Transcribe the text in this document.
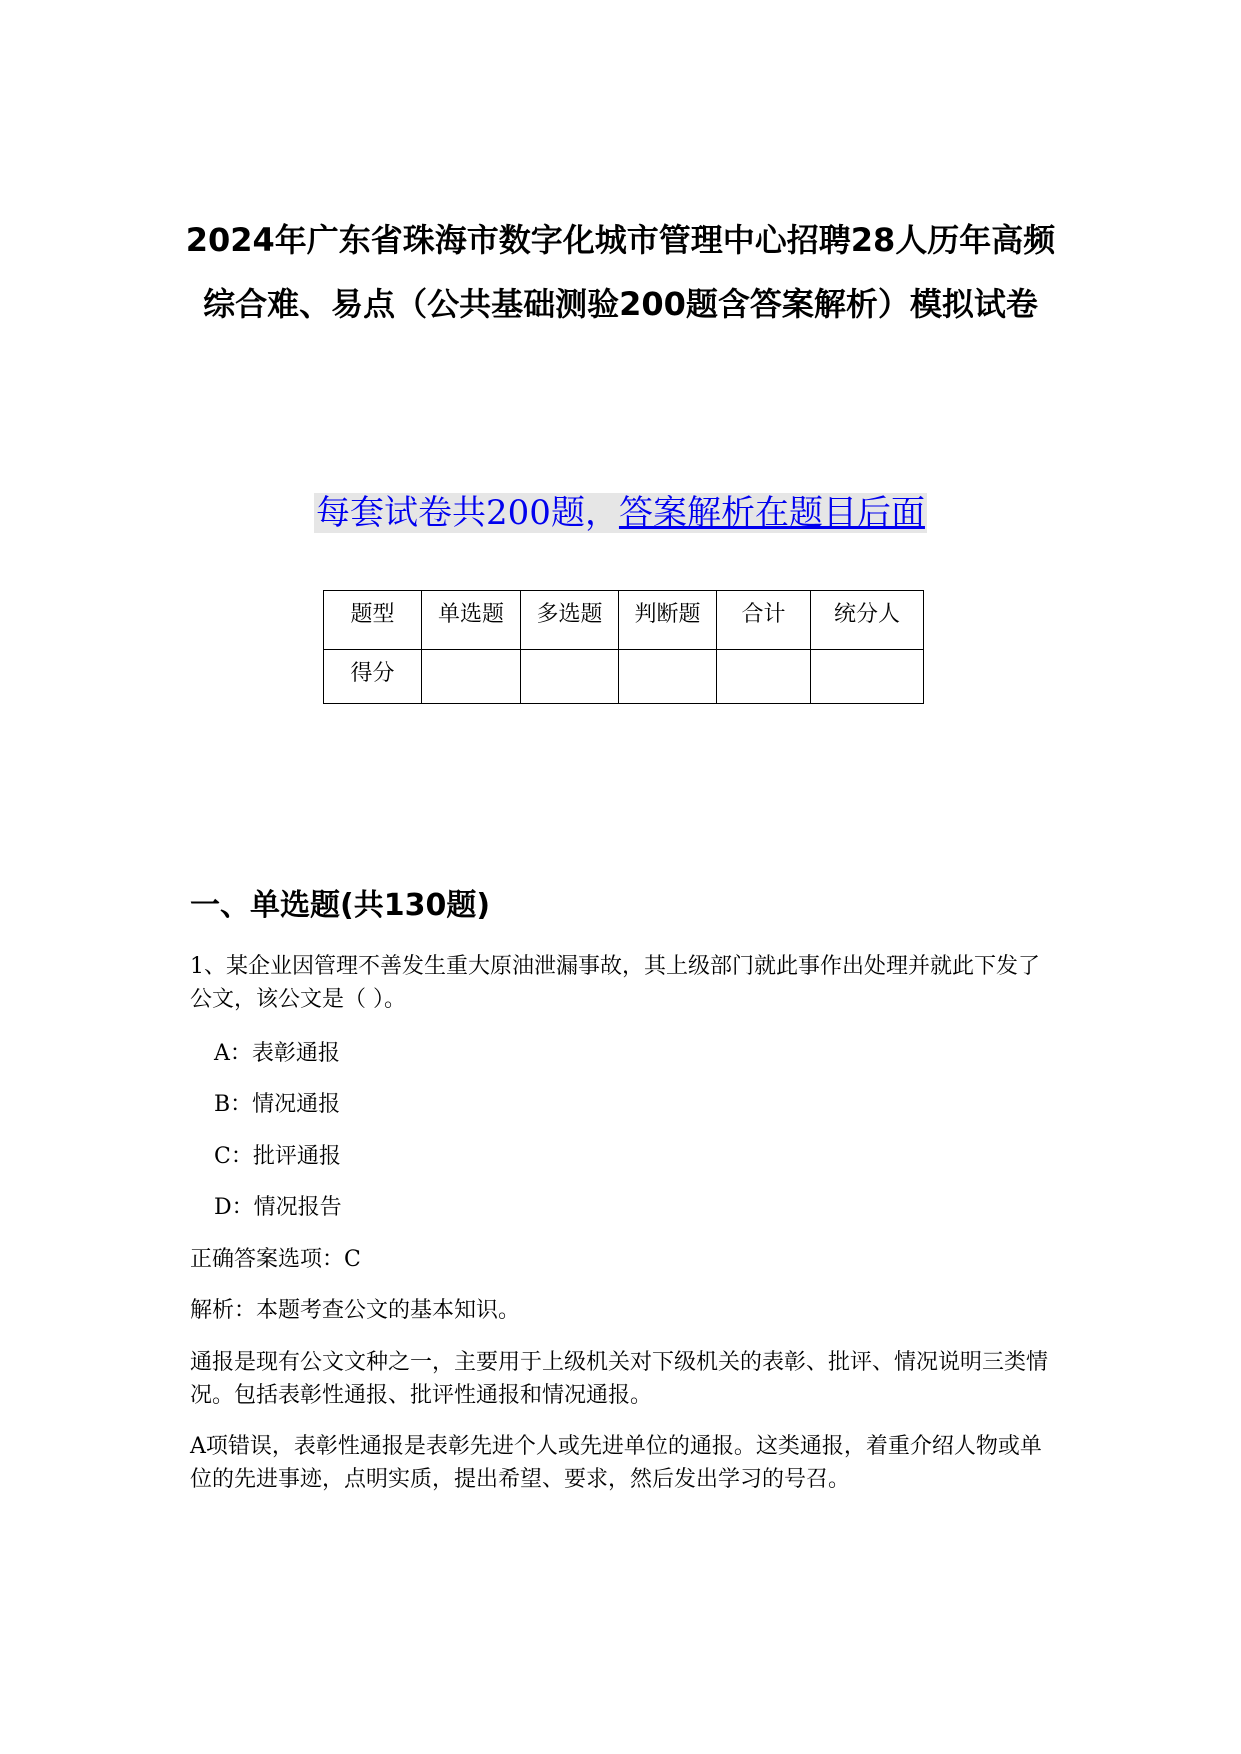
2024年广东省珠海市数字化城市管理中心招聘28人历年高频综合难、易点（公共基础测验200题含答案解析）模拟试卷
每套试卷共200题，答案解析在题目后面
题型	单选题	多选题	判断题	合计	统分人

得分					

一、单选题(共130题)

1、某企业因管理不善发生重大原油泄漏事故，其上级部门就此事作出处理并就此下发了公文，该公文是（ ）。

A：表彰通报

B：情况通报

C：批评通报

D：情况报告

正确答案选项：C

解析：本题考查公文的基本知识。

通报是现有公文文种之一，主要用于上级机关对下级机关的表彰、批评、情况说明三类情况。包括表彰性通报、批评性通报和情况通报。

A项错误，表彰性通报是表彰先进个人或先进单位的通报。这类通报，着重介绍人物或单位的先进事迹，点明实质，提出希望、要求，然后发出学习的号召。
